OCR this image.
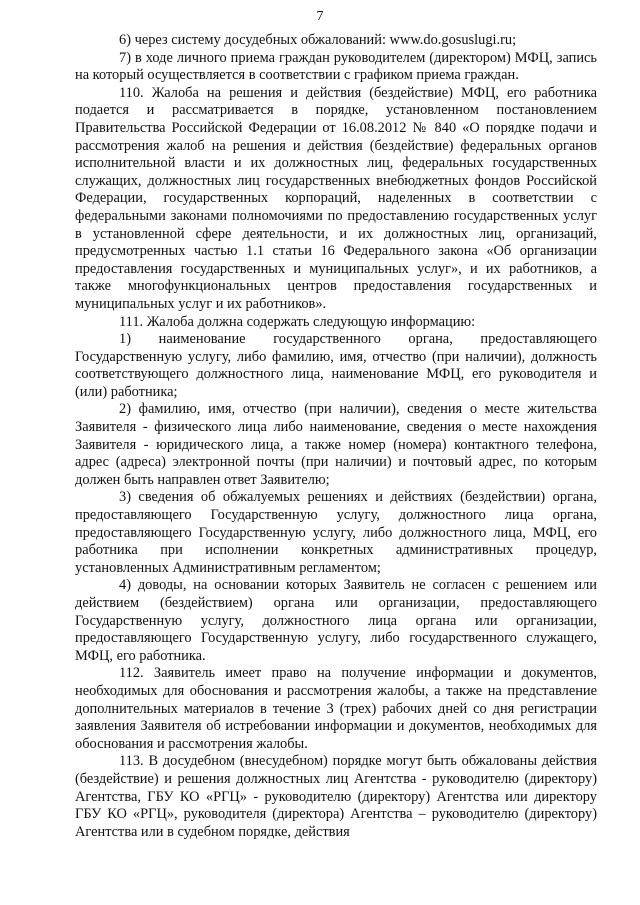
7

6) через систему досудебных обжалований: www.do.gosuslugi.ru;

7) в ходе личного приема граждан руководителем (директором) МФЦ, запись на который осуществляется в соответствии с графиком приема граждан.

110. Жалоба на решения и действия (бездействие) МФЦ, его работника подается и рассматривается в порядке, установленном постановлением Правительства Российской Федерации от 16.08.2012 № 840 «О порядке подачи и рассмотрения жалоб на решения и действия (бездействие) федеральных органов исполнительной власти и их должностных лиц, федеральных государственных служащих, должностных лиц государственных внебюджетных фондов Российской Федерации, государственных корпораций, наделенных в соответствии с федеральными законами полномочиями по предоставлению государственных услуг в установленной сфере деятельности, и их должностных лиц, организаций, предусмотренных частью 1.1 статьи 16 Федерального закона «Об организации предоставления государственных и муниципальных услуг», и их работников, а также многофункциональных центров предоставления государственных и муниципальных услуг и их работников».

111. Жалоба должна содержать следующую информацию:

1) наименование государственного органа, предоставляющего Государственную услугу, либо фамилию, имя, отчество (при наличии), должность соответствующего должностного лица, наименование МФЦ, его руководителя и (или) работника;

2) фамилию, имя, отчество (при наличии), сведения о месте жительства Заявителя - физического лица либо наименование, сведения о месте нахождения Заявителя - юридического лица, а также номер (номера) контактного телефона, адрес (адреса) электронной почты (при наличии) и почтовый адрес, по которым должен быть направлен ответ Заявителю;

3) сведения об обжалуемых решениях и действиях (бездействии) органа, предоставляющего Государственную услугу, должностного лица органа, предоставляющего Государственную услугу, либо должностного лица, МФЦ, его работника при исполнении конкретных административных процедур, установленных Административным регламентом;

4) доводы, на основании которых Заявитель не согласен с решением или действием (бездействием) органа или организации, предоставляющего Государственную услугу, должностного лица органа или организации, предоставляющего Государственную услугу, либо государственного служащего, МФЦ, его работника.

112. Заявитель имеет право на получение информации и документов, необходимых для обоснования и рассмотрения жалобы, а также на представление дополнительных материалов в течение 3 (трех) рабочих дней со дня регистрации заявления Заявителя об истребовании информации и документов, необходимых для обоснования и рассмотрения жалобы.

113. В досудебном (внесудебном) порядке могут быть обжалованы действия (бездействие) и решения должностных лиц Агентства - руководителю (директору) Агентства, ГБУ КО «РГЦ» - руководителю (директору) Агентства или директору ГБУ КО «РГЦ», руководителя (директора) Агентства – руководителю (директору) Агентства или в судебном порядке, действия
